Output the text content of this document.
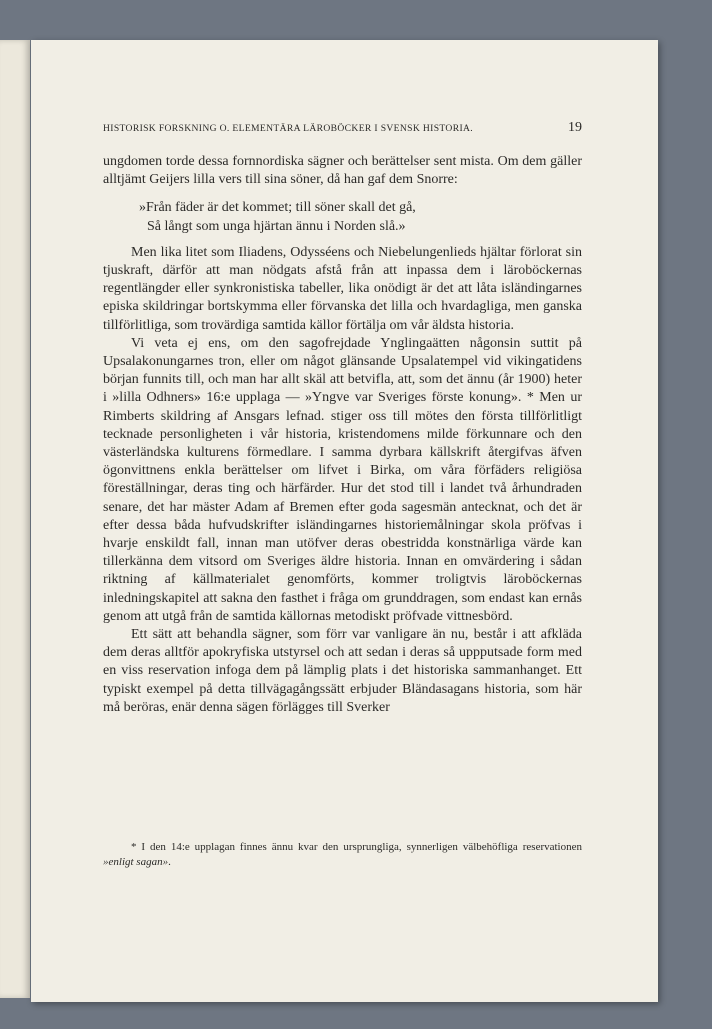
HISTORISK FORSKNING O. ELEMENTÄRA LÄROBÖCKER I SVENSK HISTORIA.	19

ungdomen torde dessa fornnordiska sägner och berättelser sent mista. Om dem gäller alltjämt Geijers lilla vers till sina söner, då han gaf dem Snorre:

»Från fäder är det kommet; till söner skall det gå,
Så långt som unga hjärtan ännu i Norden slå.»

Men lika litet som Iliadens, Odysséens och Niebelungenlieds hjältar förlorat sin tjuskraft, därför att man nödgats afstå från att inpassa dem i läroböckernas regentlängder eller synkronistiska tabeller, lika onödigt är det att låta isländingarnes episka skildringar bortskymma eller förvanska det lilla och hvardagliga, men ganska tillförlitliga, som trovärdiga samtida källor förtälja om vår äldsta historia.

Vi veta ej ens, om den sagofrejdade Ynglingaätten någonsin suttit på Upsalakonungarnes tron, eller om något glänsande Upsalatempel vid vikingatidens början funnits till, och man har allt skäl att betvifla, att, som det ännu (år 1900) heter i »lilla Odhners» 16:e upplaga — »Yngve var Sveriges förste konung». * Men ur Rimberts skildring af Ansgars lefnad. stiger oss till mötes den första tillförlitligt tecknade personligheten i vår historia, kristendomens milde förkunnare och den västerländska kulturens förmedlare. I samma dyrbara källskrift återgifvas äfven ögonvittnens enkla berättelser om lifvet i Birka, om våra förfäders religiösa föreställningar, deras ting och härfärder. Hur det stod till i landet två århundraden senare, det har mäster Adam af Bremen efter goda sagesmän antecknat, och det är efter dessa båda hufvudskrifter isländingarnes historiemålningar skola pröfvas i hvarje enskildt fall, innan man utöfver deras obestridda konstnärliga värde kan tillerkänna dem vitsord om Sveriges äldre historia. Innan en omvärdering i sådan riktning af källmaterialet genomförts, kommer troligtvis läroböckernas inledningskapitel att sakna den fasthet i fråga om grunddragen, som endast kan ernås genom att utgå från de samtida källornas metodiskt pröfvade vittnesbörd.

Ett sätt att behandla sägner, som förr var vanligare än nu, består i att afkläda dem deras alltför apokryfiska utstyrsel och att sedan i deras så uppputsade form med en viss reservation infoga dem på lämplig plats i det historiska sammanhanget. Ett typiskt exempel på detta tillvägagångssätt erbjuder Bländasagans historia, som här må beröras, enär denna sägen förlägges till Sverker

* I den 14:e upplagan finnes ännu kvar den ursprungliga, synnerligen välbehöfliga reservationen »enligt sagan».
